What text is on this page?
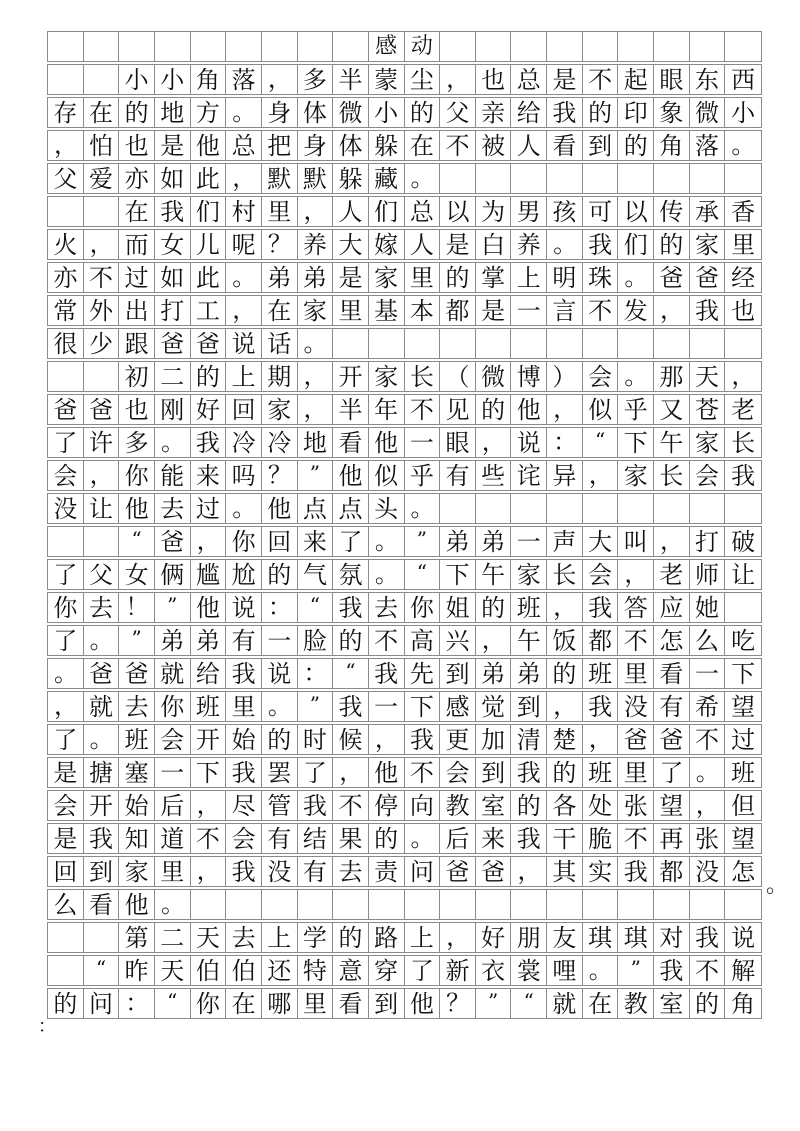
感 动
小 小 角 落 ， 多 半 蒙 尘 ， 也 总 是 不 起 眼 东 西
存 在 的 地 方 。 身 体 微 小 的 父 亲 给 我 的 印 象 微 小
， 怕 也 是 他 总 把 身 体 躲 在 不 被 人 看 到 的 角 落 。
父 爱 亦 如 此 ， 默 默 躲 藏 。
在 我 们 村 里 ， 人 们 总 以 为 男 孩 可 以 传 承 香
火 ， 而 女 儿 呢 ？ 养 大 嫁 人 是 白 养 。 我 们 的 家 里
亦 不 过 如 此 。 弟 弟 是 家 里 的 掌 上 明 珠 。 爸 爸 经
常 外 出 打 工 ， 在 家 里 基 本 都 是 一 言 不 发 ， 我 也
很 少 跟 爸 爸 说 话 。
初 二 的 上 期 ， 开 家 长 （ 微 博 ） 会 。 那 天 ，
爸 爸 也 刚 好 回 家 ， 半 年 不 见 的 他 ， 似 乎 又 苍 老
了 许 多 。 我 冷 冷 地 看 他 一 眼 ， 说 ： “ 下 午 家 长
会 ， 你 能 来 吗 ？ ” 他 似 乎 有 些 诧 异 ， 家 长 会 我
没 让 他 去 过 。 他 点 点 头 。
“ 爸 ， 你 回 来 了 。 ” 弟 弟 一 声 大 叫 ， 打 破
了 父 女 俩 尴 尬 的 气 氛 。 “ 下 午 家 长 会 ， 老 师 让
你 去 ！ ” 他 说 ： “ 我 去 你 姐 的 班 ， 我 答 应 她
了 。 ” 弟 弟 有 一 脸 的 不 高 兴 ， 午 饭 都 不 怎 么 吃
。 爸 爸 就 给 我 说 ： “ 我 先 到 弟 弟 的 班 里 看 一 下
， 就 去 你 班 里 。 ” 我 一 下 感 觉 到 ， 我 没 有 希 望
了 。 班 会 开 始 的 时 候 ， 我 更 加 清 楚 ， 爸 爸 不 过
是 搪 塞 一 下 我 罢 了 ， 他 不 会 到 我 的 班 里 了 。 班
会 开 始 后 ， 尽 管 我 不 停 向 教 室 的 各 处 张 望 ， 但
是 我 知 道 不 会 有 结 果 的 。 后 来 我 干 脆 不 再 张 望
回 到 家 里 ， 我 没 有 去 责 问 爸 爸 ， 其 实 我 都 没 怎
么 看 他 。
第 二 天 去 上 学 的 路 上 ， 好 朋 友 琪 琪 对 我 说
“ 昨 天 伯 伯 还 特 意 穿 了 新 衣 裳 哩 。 ” 我 不 解
的 问 ： “ 你 在 哪 里 看 到 他 ？ ”	“ 就 在 教 室 的 角
。
：
